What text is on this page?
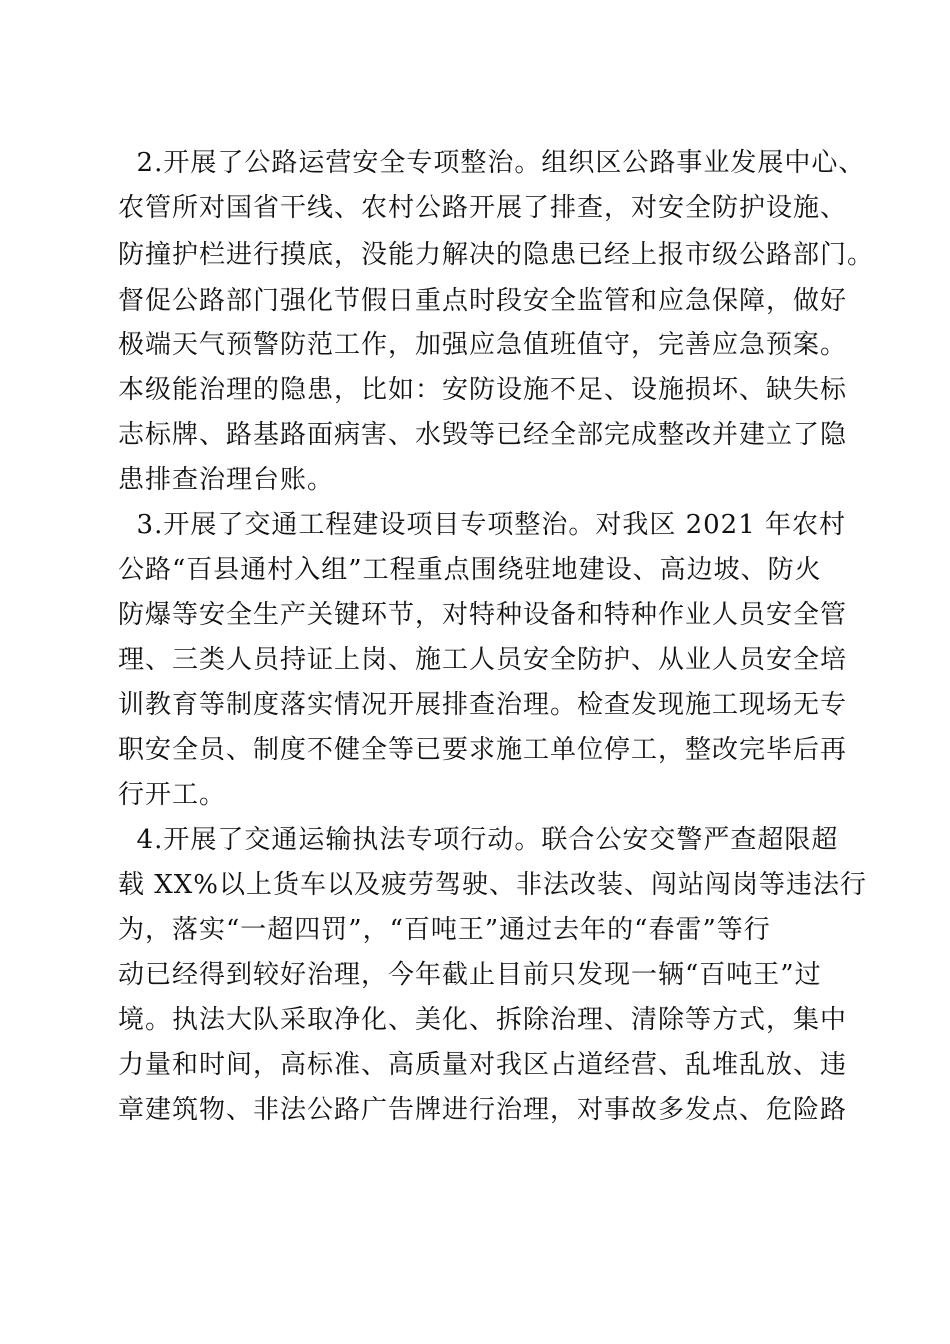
2.开展了公路运营安全专项整治。组织区公路事业发展中心、

农管所对国省干线、农村公路开展了排查，对安全防护设施、

防撞护栏进行摸底，没能力解决的隐患已经上报市级公路部门。

督促公路部门强化节假日重点时段安全监管和应急保障，做好

极端天气预警防范工作，加强应急值班值守，完善应急预案。

本级能治理的隐患，比如：安防设施不足、设施损坏、缺失标

志标牌、路基路面病害、水毁等已经全部完成整改并建立了隐

患排查治理台账。

3.开展了交通工程建设项目专项整治。对我区 2021 年农村

公路“百县通村入组”工程重点围绕驻地建设、高边坡、防火

防爆等安全生产关键环节，对特种设备和特种作业人员安全管

理、三类人员持证上岗、施工人员安全防护、从业人员安全培

训教育等制度落实情况开展排查治理。检查发现施工现场无专

职安全员、制度不健全等已要求施工单位停工，整改完毕后再

行开工。

4.开展了交通运输执法专项行动。联合公安交警严查超限超

载 XX%以上货车以及疲劳驾驶、非法改装、闯站闯岗等违法行

为，落实“一超四罚”，“百吨王”通过去年的“春雷”等行

动已经得到较好治理，今年截止目前只发现一辆“百吨王”过

境。执法大队采取净化、美化、拆除治理、清除等方式，集中

力量和时间，高标准、高质量对我区占道经营、乱堆乱放、违

章建筑物、非法公路广告牌进行治理，对事故多发点、危险路
